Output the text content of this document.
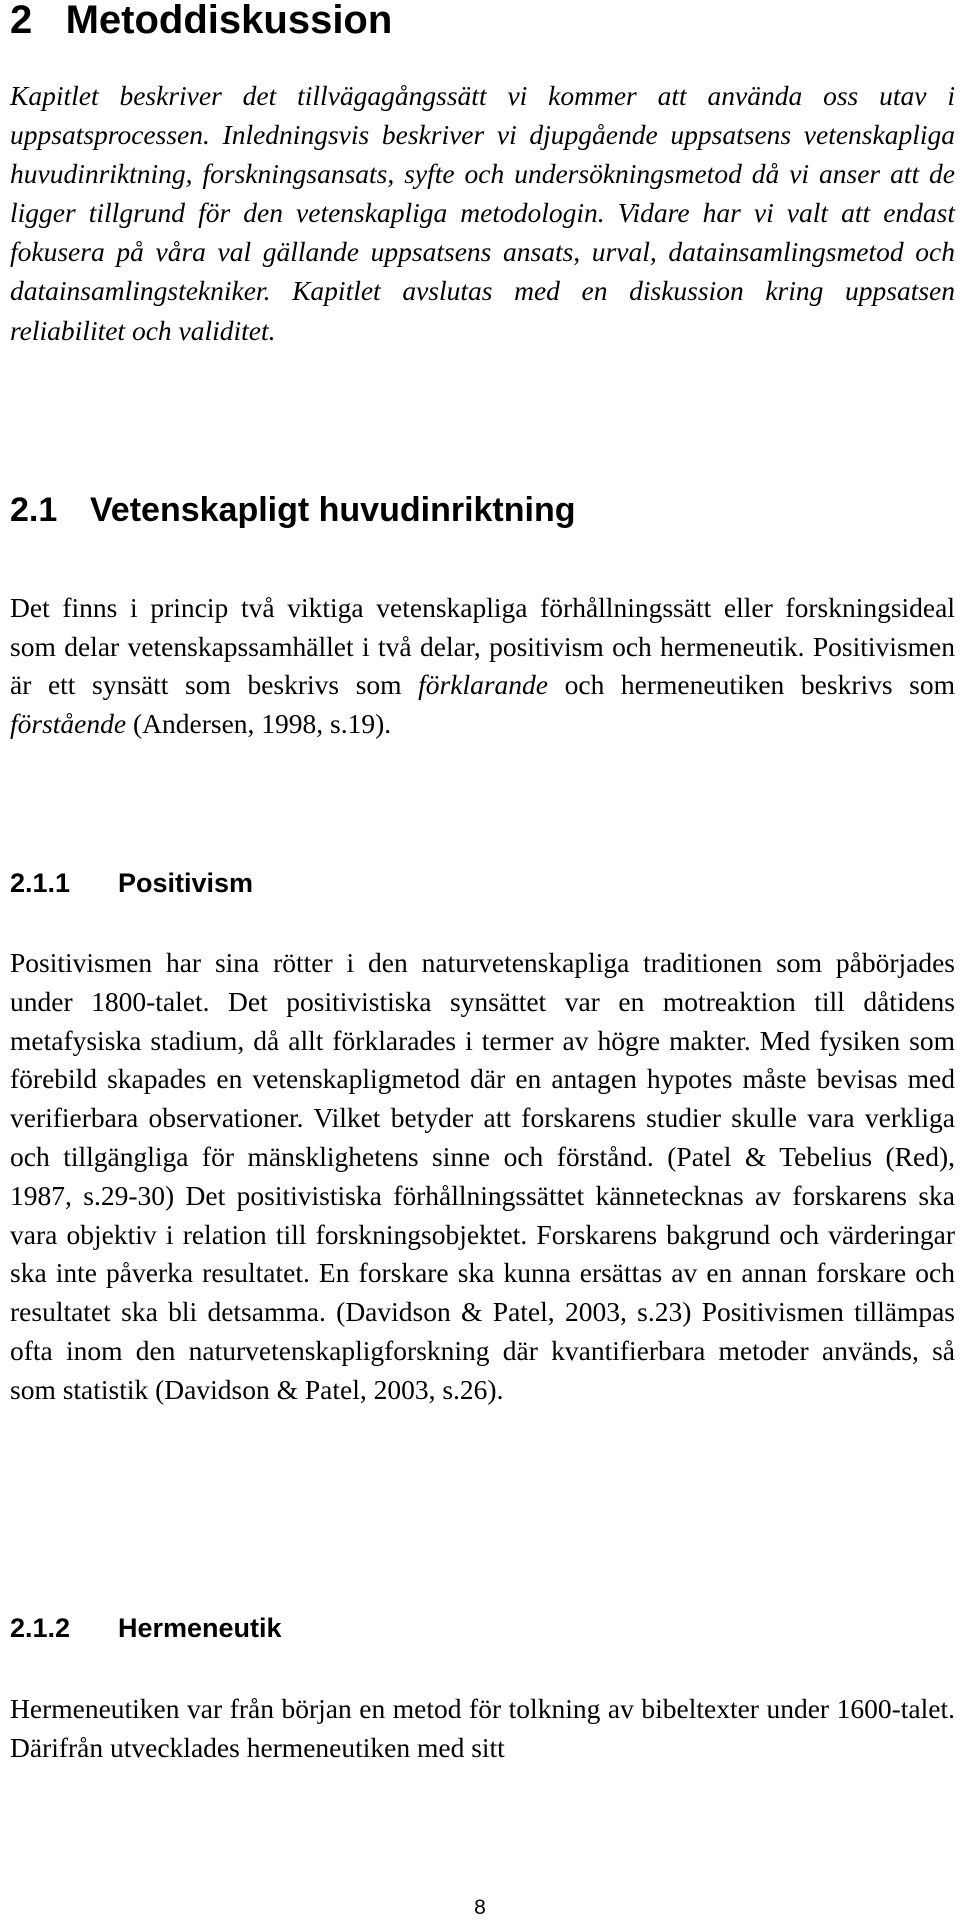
2 Metoddiskussion

Kapitlet beskriver det tillvägagångssätt vi kommer att använda oss utav i uppsatsprocessen. Inledningsvis beskriver vi djupgående uppsatsens vetenskapliga huvudinriktning, forskningsansats, syfte och undersökningsmetod då vi anser att de ligger tillgrund för den vetenskapliga metodologin. Vidare har vi valt att endast fokusera på våra val gällande uppsatsens ansats, urval, datainsamlingsmetod och datainsamlingstekniker. Kapitlet avslutas med en diskussion kring uppsatsen reliabilitet och validitet.

2.1 Vetenskapligt huvudinriktning

Det finns i princip två viktiga vetenskapliga förhållningssätt eller forskningsideal som delar vetenskapssamhället i två delar, positivism och hermeneutik. Positivismen är ett synsätt som beskrivs som förklarande och hermeneutiken beskrivs som förstående (Andersen, 1998, s.19).

2.1.1 Positivism

Positivismen har sina rötter i den naturvetenskapliga traditionen som påbörjades under 1800-talet. Det positivistiska synsättet var en motreaktion till dåtidens metafysiska stadium, då allt förklarades i termer av högre makter. Med fysiken som förebild skapades en vetenskapligmetod där en antagen hypotes måste bevisas med verifierbara observationer. Vilket betyder att forskarens studier skulle vara verkliga och tillgängliga för mänsklighetens sinne och förstånd. (Patel & Tebelius (Red), 1987, s.29-30) Det positivistiska förhållningssättet kännetecknas av forskarens ska vara objektiv i relation till forskningsobjektet. Forskarens bakgrund och värderingar ska inte påverka resultatet. En forskare ska kunna ersättas av en annan forskare och resultatet ska bli detsamma. (Davidson & Patel, 2003, s.23) Positivismen tillämpas ofta inom den naturvetenskapligforskning där kvantifierbara metoder används, så som statistik (Davidson & Patel, 2003, s.26).

2.1.2 Hermeneutik

Hermeneutiken var från början en metod för tolkning av bibeltexter under 1600-talet. Därifrån utvecklades hermeneutiken med sitt

8
